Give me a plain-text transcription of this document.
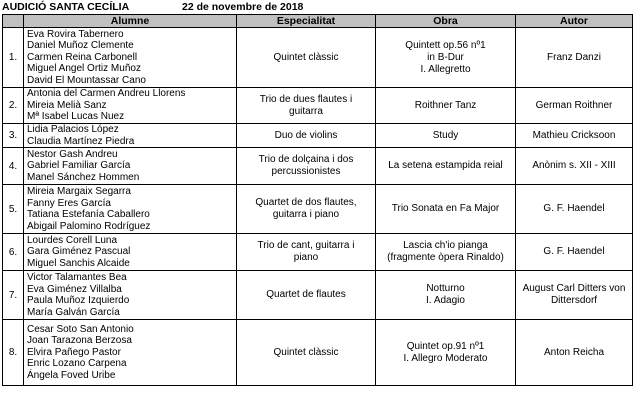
AUDICIÓ SANTA CECÍLIA	22 de novembre de 2018
	Alumne	Especialitat	Obra	Autor
1.	Eva Rovira Tabernero
Daniel Muñoz Clemente
Carmen Reina Carbonell
Miguel Angel Ortiz Muñoz
David El Mountassar Cano	Quintet clàssic	Quintett op.56 nº1
in B-Dur
I. Allegretto	Franz Danzi

2.	Antonia del Carmen Andreu Llorens
Mireia Melià Sanz
Mª Isabel Lucas Nuez	Trio de dues flautes i
guitarra	Roithner Tanz	German Roithner

3.	Lidia Palacios López
Claudia Martínez Piedra	Duo de violins	Study	Mathieu Cricksoon

4.	Nestor Gash Andreu
Gabriel Familiar García
Manel Sánchez Hommen	Trio de dolçaina i dos
percussionistes	La setena estampida reial	Anònim s. XII - XIII

5.	Mireia Margaix Segarra
Fanny Eres García
Tatiana Estefanía Caballero
Abigail Palomino Rodríguez	Quartet de dos flautes,
guitarra i piano	Trio Sonata en Fa Major	G. F. Haendel

6.	Lourdes Corell Luna
Gara Giménez Pascual
Miguel Sanchis Alcaide	Trio de cant, guitarra i
piano	Lascia ch'io pianga
(fragmente òpera Rinaldo)	G. F. Haendel

7.	Victor Talamantes Bea
Eva Giménez Villalba
Paula Muñoz Izquierdo
María Galván García	Quartet de flautes	Notturno
I. Adagio	August Carl Ditters von
Dittersdorf

8.	Cesar Soto San Antonio
Joan Tarazona Berzosa
Elvira Pañego Pastor
Enric Lozano Carpena
Ángela Foved Uribe	Quintet clàssic	Quintet op.91 nº1
I. Allegro Moderato	Anton Reicha
